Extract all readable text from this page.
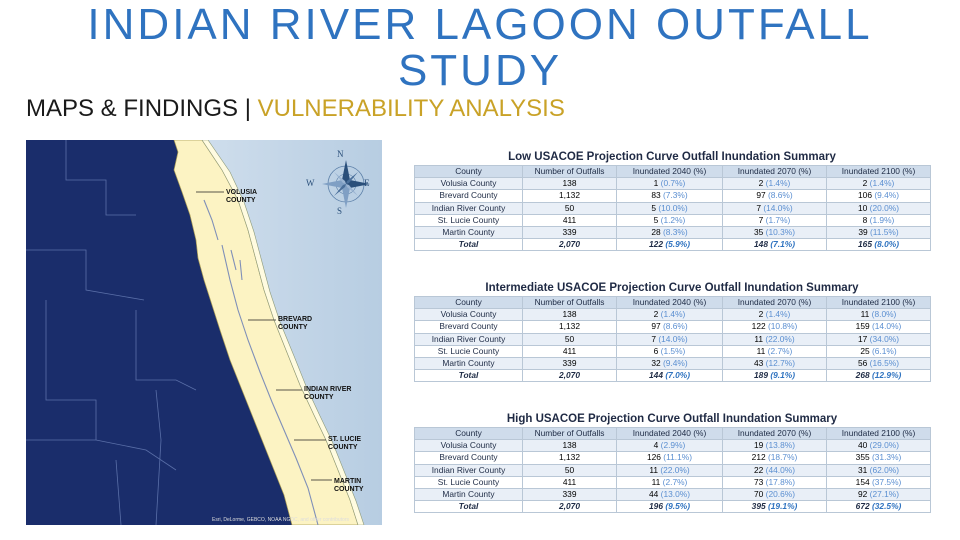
INDIAN RIVER LAGOON OUTFALL
STUDY
MAPS & FINDINGS | VULNERABILITY ANALYSIS
N
S
E
W
VOLUSIA
COUNTY
BREVARD
COUNTY
INDIAN RIVER
COUNTY
ST. LUCIE
COUNTY
MARTIN
COUNTY
Esri, DeLorme, GEBCO, NOAA NGDC, and other contributors
Low USACOE Projection Curve Outfall Inundation Summary
County	Number of Outfalls	Inundated 2040 (%)	Inundated 2070 (%)	Inundated 2100 (%)
Volusia County	138	1 (0.7%)	2 (1.4%)	2 (1.4%)
Brevard County	1,132	83 (7.3%)	97 (8.6%)	106 (9.4%)
Indian River County	50	5 (10.0%)	7 (14.0%)	10 (20.0%)
St. Lucie County	411	5 (1.2%)	7 (1.7%)	8 (1.9%)
Martin County	339	28 (8.3%)	35 (10.3%)	39 (11.5%)
Total	2,070	122 (5.9%)	148 (7.1%)	165 (8.0%)
Intermediate USACOE Projection Curve Outfall Inundation Summary
County	Number of Outfalls	Inundated 2040 (%)	Inundated 2070 (%)	Inundated 2100 (%)
Volusia County	138	2 (1.4%)	2 (1.4%)	11 (8.0%)
Brevard County	1,132	97 (8.6%)	122 (10.8%)	159 (14.0%)
Indian River County	50	7 (14.0%)	11 (22.0%)	17 (34.0%)
St. Lucie County	411	6 (1.5%)	11 (2.7%)	25 (6.1%)
Martin County	339	32 (9.4%)	43 (12.7%)	56 (16.5%)
Total	2,070	144 (7.0%)	189 (9.1%)	268 (12.9%)
High USACOE Projection Curve Outfall Inundation Summary
County	Number of Outfalls	Inundated 2040 (%)	Inundated 2070 (%)	Inundated 2100 (%)
Volusia County	138	4 (2.9%)	19 (13.8%)	40 (29.0%)
Brevard County	1,132	126 (11.1%)	212 (18.7%)	355 (31.3%)
Indian River County	50	11 (22.0%)	22 (44.0%)	31 (62.0%)
St. Lucie County	411	11 (2.7%)	73 (17.8%)	154 (37.5%)
Martin County	339	44 (13.0%)	70 (20.6%)	92 (27.1%)
Total	2,070	196 (9.5%)	395 (19.1%)	672 (32.5%)
